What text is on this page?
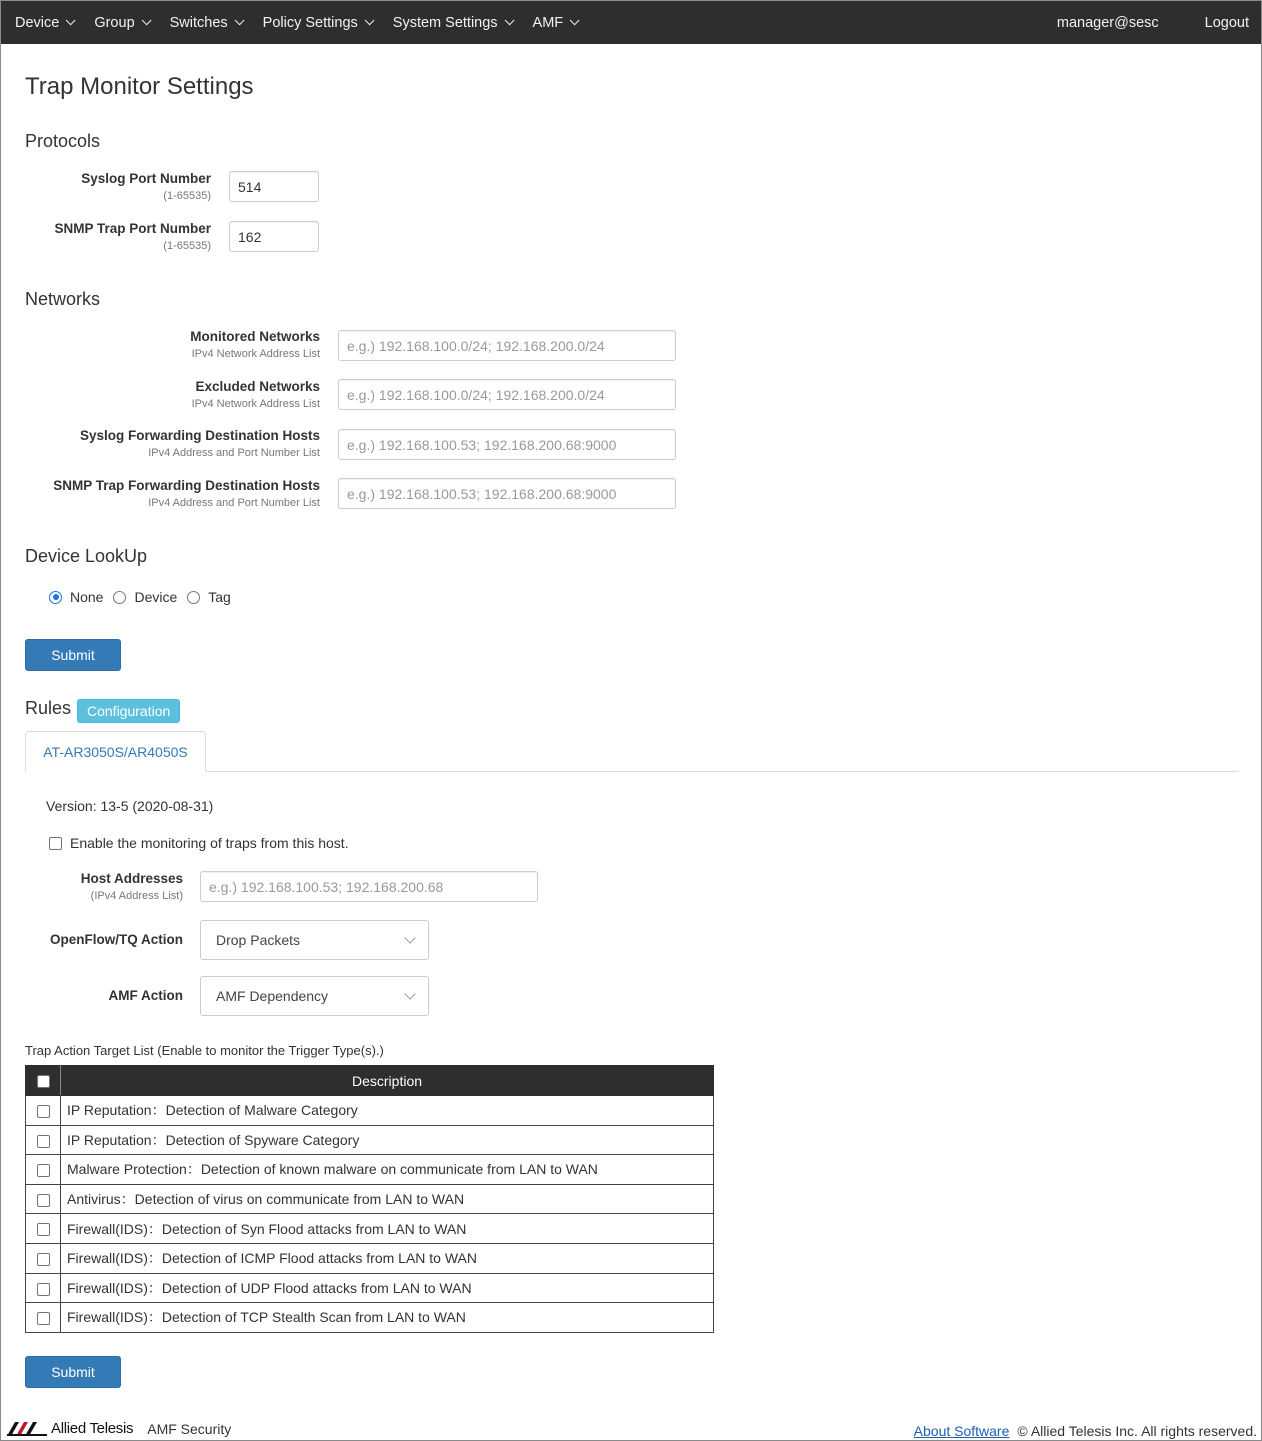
Device Group Switches Policy Settings System Settings AMF	manager@sesc	Logout
Trap Monitor Settings
Protocols
Syslog Port Number
(1-65535)
514
SNMP Trap Port Number
(1-65535)
162
Networks
Monitored Networks
IPv4 Network Address List
e.g.) 192.168.100.0/24; 192.168.200.0/24
Excluded Networks
IPv4 Network Address List
e.g.) 192.168.100.0/24; 192.168.200.0/24
Syslog Forwarding Destination Hosts
IPv4 Address and Port Number List
e.g.) 192.168.100.53; 192.168.200.68:9000
SNMP Trap Forwarding Destination Hosts
IPv4 Address and Port Number List
e.g.) 192.168.100.53; 192.168.200.68:9000
Device LookUp
None Device Tag
Submit
Rules	Configuration
AT-AR3050S/AR4050S
Version: 13-5 (2020-08-31)
Enable the monitoring of traps from this host.
Host Addresses
(IPv4 Address List)
e.g.) 192.168.100.53; 192.168.200.68
OpenFlow/TQ Action Drop Packets
AMF Action AMF Dependency
Trap Action Target List (Enable to monitor the Trigger Type(s).)
	Description
	IP Reputation：Detection of Malware Category
	IP Reputation：Detection of Spyware Category
	Malware Protection：Detection of known malware on communicate from LAN to WAN
	Antivirus：Detection of virus on communicate from LAN to WAN
	Firewall(IDS)：Detection of Syn Flood attacks from LAN to WAN
	Firewall(IDS)：Detection of ICMP Flood attacks from LAN to WAN
	Firewall(IDS)：Detection of UDP Flood attacks from LAN to WAN
	Firewall(IDS)：Detection of TCP Stealth Scan from LAN to WAN
Submit
Allied Telesis AMF Security	About Software © Allied Telesis Inc. All rights reserved.
